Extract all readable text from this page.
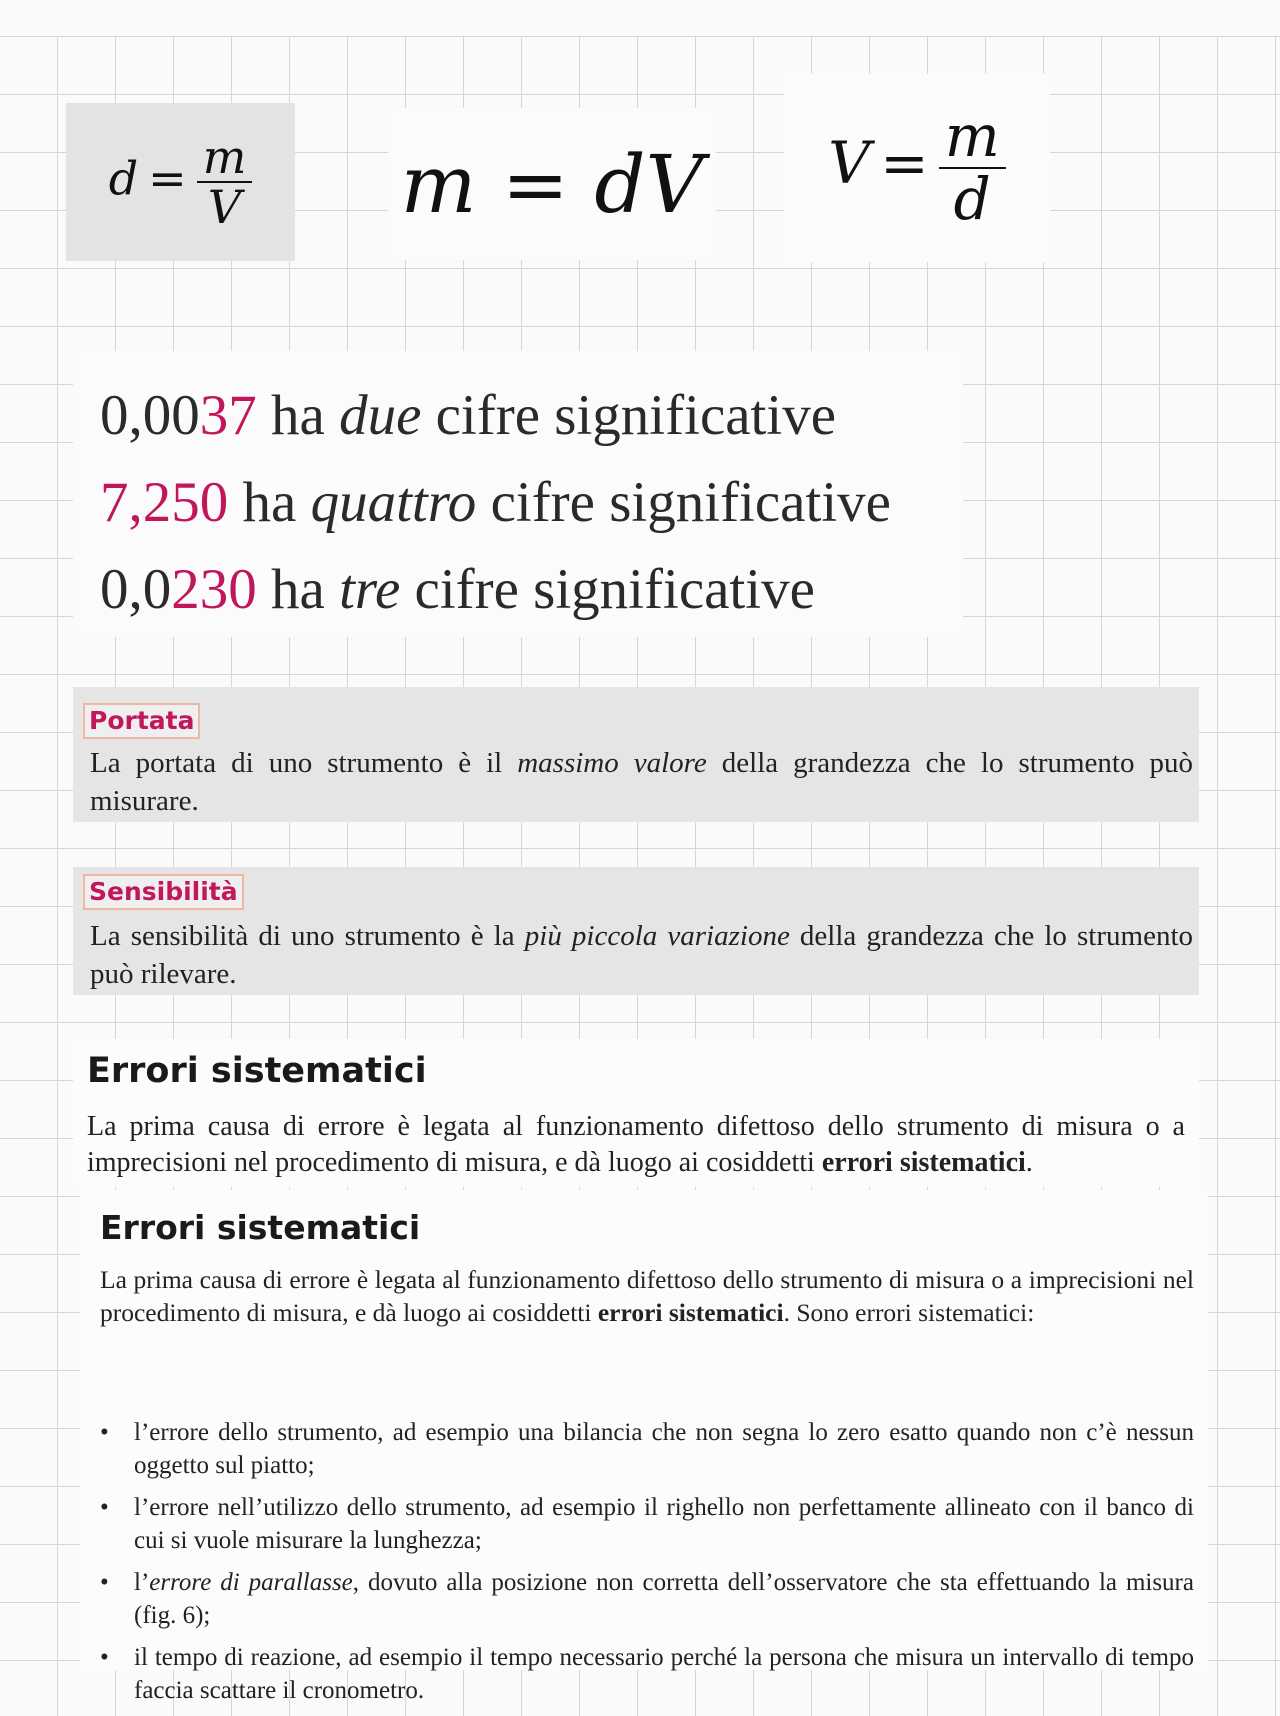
$d = \frac{m}{V}$ m = dV $V = \frac{m}{d}$
0,0037 ha due cifre significative
7,250 ha quattro cifre significative
0,0230 ha tre cifre significative
Portata
La portata di uno strumento è il massimo valore della grandezza che lo strumento può misurare.
Sensibilità
La sensibilità di uno strumento è la più piccola variazione della grandezza che lo strumento può rilevare.
Errori sistematici
La prima causa di errore è legata al funzionamento difettoso dello strumento di misura o a imprecisioni nel procedimento di misura, e dà luogo ai cosiddetti errori sistematici.
Errori sistematici
La prima causa di errore è legata al funzionamento difettoso dello strumento di misura o a imprecisioni nel procedimento di misura, e dà luogo ai cosiddetti errori sistematici. Sono errori sistematici:
• l’errore dello strumento, ad esempio una bilancia che non segna lo zero esatto quando non c’è nessun oggetto sul piatto;
• l’errore nell’utilizzo dello strumento, ad esempio il righello non perfettamente allineato con il banco di cui si vuole misurare la lunghezza;
• l’errore di parallasse, dovuto alla posizione non corretta dell’osservatore che sta effettuando la misura (fig. 6);
• il tempo di reazione, ad esempio il tempo necessario perché la persona che misura un intervallo di tempo faccia scattare il cronometro.
